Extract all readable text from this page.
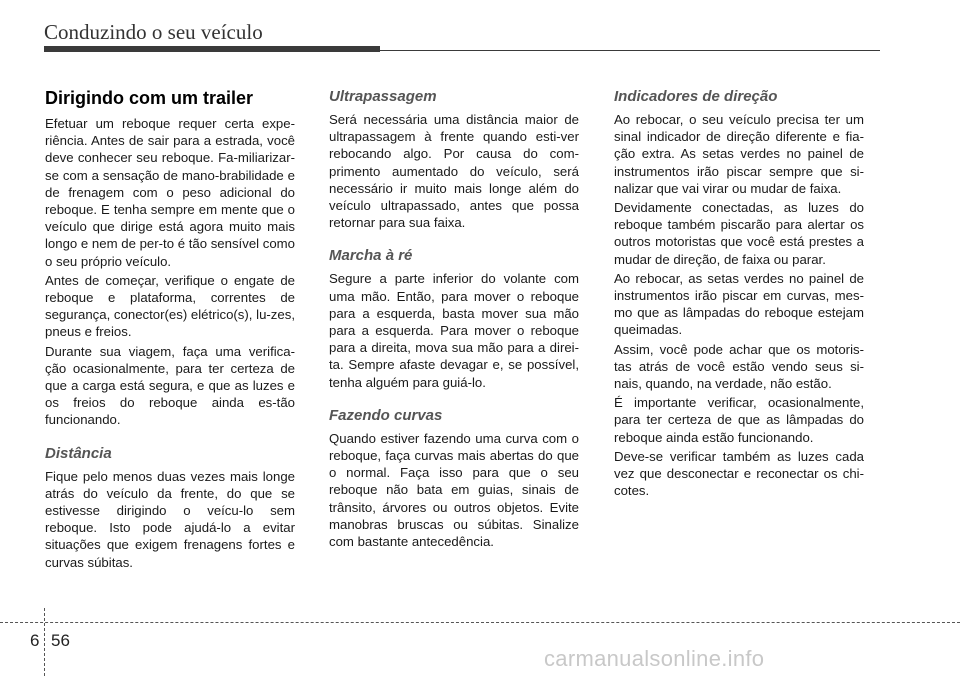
Conduzindo o seu veículo
Dirigindo com um trailer

Efetuar um reboque requer certa expe-riência. Antes de sair para a estrada, você deve conhecer seu reboque. Fa-miliarizar-se com a sensação de mano-brabilidade e de frenagem com o peso adicional do reboque. E tenha sempre em mente que o veículo que dirige está agora muito mais longo e nem de per-to é tão sensível como o seu próprio veículo.

Antes de começar, verifique o engate de reboque e plataforma, correntes de segurança, conector(es) elétrico(s), lu-zes, pneus e freios.

Durante sua viagem, faça uma verifica-ção ocasionalmente, para ter certeza de que a carga está segura, e que as luzes e os freios do reboque ainda es-tão funcionando.

Distância

Fique pelo menos duas vezes mais longe atrás do veículo da frente, do que se estivesse dirigindo o veícu-lo sem reboque. Isto pode ajudá-lo a evitar situações que exigem frenagens fortes e curvas súbitas.

Ultrapassagem

Será necessária uma distância maior de ultrapassagem à frente quando esti-ver rebocando algo. Por causa do com-primento aumentado do veículo, será necessário ir muito mais longe além do veículo ultrapassado, antes que possa retornar para sua faixa.

Marcha à ré

Segure a parte inferior do volante com uma mão. Então, para mover o reboque para a esquerda, basta mover sua mão para a esquerda. Para mover o reboque para a direita, mova sua mão para a direi-ta. Sempre afaste devagar e, se possível, tenha alguém para guiá-lo.

Fazendo curvas

Quando estiver fazendo uma curva com o reboque, faça curvas mais abertas do que o normal. Faça isso para que o seu reboque não bata em guias, sinais de trânsito, árvores ou outros objetos. Evite manobras bruscas ou súbitas. Sinalize com bastante antecedência.

Indicadores de direção

Ao rebocar, o seu veículo precisa ter um sinal indicador de direção diferente e fia-ção extra. As setas verdes no painel de instrumentos irão piscar sempre que si-nalizar que vai virar ou mudar de faixa.

Devidamente conectadas, as luzes do reboque também piscarão para alertar os outros motoristas que você está prestes a mudar de direção, de faixa ou parar.

Ao rebocar, as setas verdes no painel de instrumentos irão piscar em curvas, mes-mo que as lâmpadas do reboque estejam queimadas.

Assim, você pode achar que os motoris-tas atrás de você estão vendo seus si-nais, quando, na verdade, não estão.

É importante verificar, ocasionalmente, para ter certeza de que as lâmpadas do reboque ainda estão funcionando.

Deve-se verificar também as luzes cada vez que desconectar e reconectar os chi-cotes.

6 56
carmanualsonline.info
